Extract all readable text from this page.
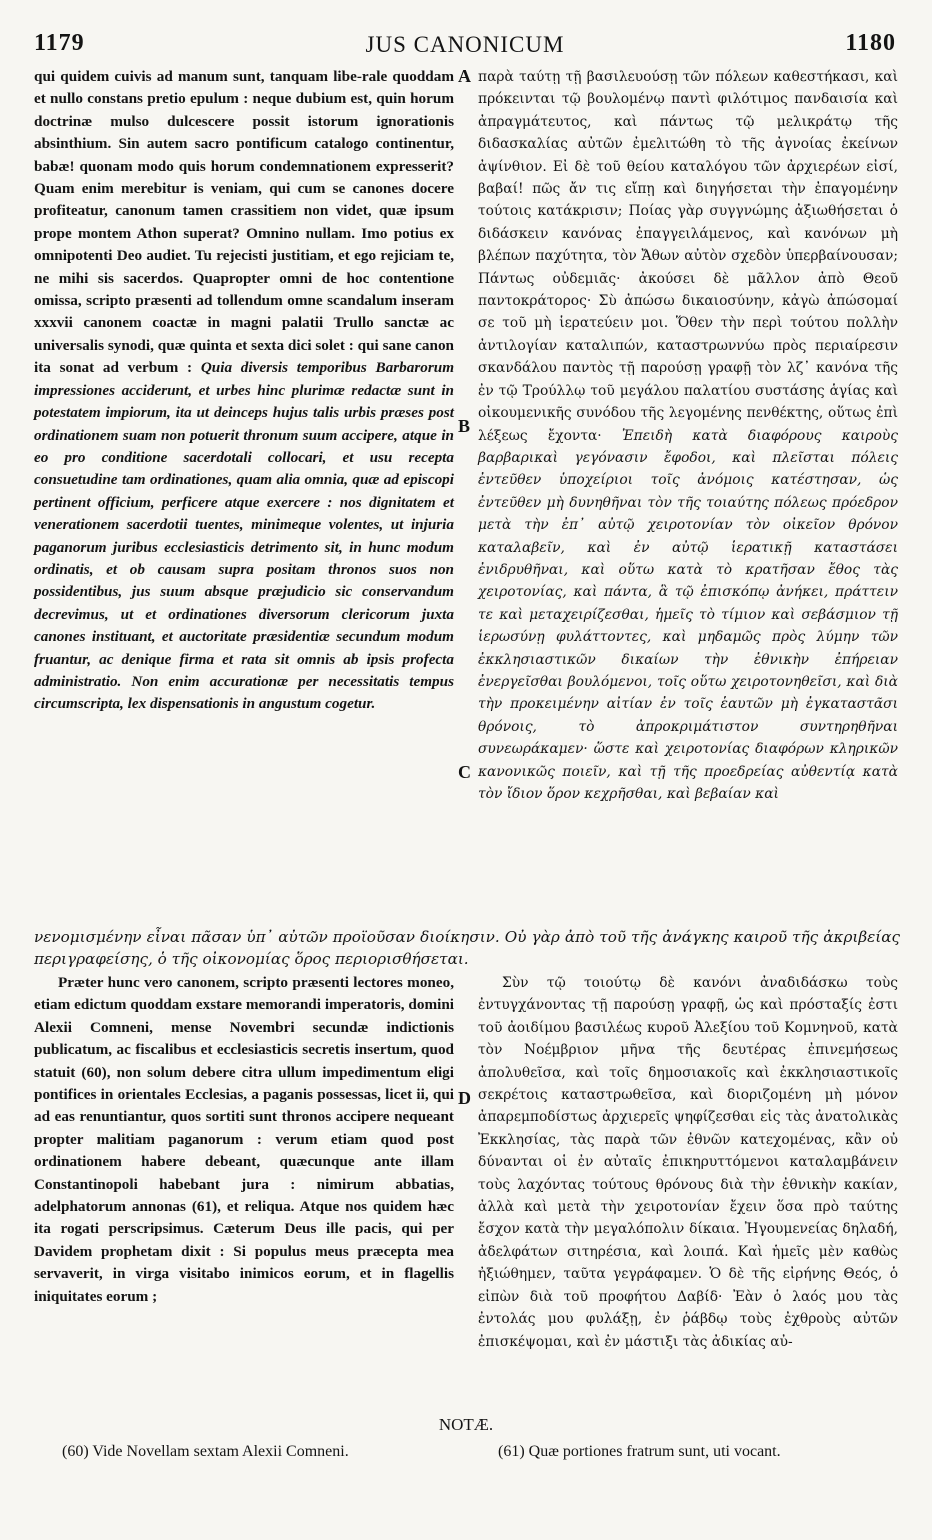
1179	JUS CANONICUM	1180

qui quidem cuivis ad manum sunt, tanquam libe-rale quoddam et nullo constans pretio epulum : neque dubium est, quin horum doctrinæ mulso dulcescere possit istorum ignorationis absinthium. Sin autem sacro pontificum catalogo continentur, babæ! quonam modo quis horum condemnationem expresserit? Quam enim merebitur is veniam, qui cum se canones docere profiteatur, canonum tamen crassitiem non videt, quæ ipsum prope montem Athon superat? Omnino nullam. Imo potius ex omnipotenti Deo audiet. Tu rejecisti justitiam, et ego rejiciam te, ne mihi sis sacerdos. Quapropter omni de hoc contentione omissa, scripto præsenti ad tollendum omne scandalum inseram xxxvii canonem coactæ in magni palatii Trullo sanctæ ac universalis synodi, quæ quinta et sexta dici solet : qui sane canon ita sonat ad verbum : Quia diversis temporibus Barbarorum impressiones acciderunt, et urbes hinc plurimæ redactæ sunt in potestatem impiorum, ita ut deinceps hujus talis urbis præses post ordinationem suam non potuerit thronum suum accipere, atque in eo pro conditione sacerdotali collocari, et usu recepta consuetudine tam ordinationes, quam alia omnia, quæ ad episcopi pertinent officium, perficere atque exercere : nos dignitatem et venerationem sacerdotii tuentes, minimeque volentes, ut injuria paganorum juribus ecclesiasticis detrimento sit, in hunc modum ordinatis, et ob causam supra positam thronos suos non possidentibus, jus suum absque præjudicio sic conservandum decrevimus, ut et ordinationes diversorum clericorum juxta canones instituant, et auctoritate præsidentiæ secundum modum fruantur, ac denique firma et rata sit omnis ab ipsis profecta administratio. Non enim accurationæ per necessitatis tempus circumscripta, lex dispensationis in angustum cogetur.

παρὰ ταύτῃ τῇ βασιλευούσῃ τῶν πόλεων καθεστήκασι, καὶ πρόκεινται τῷ βουλομένῳ παντὶ φιλότιμος πανδαισία καὶ ἀπραγμάτευτος, καὶ πάντως τῷ μελικράτῳ τῆς διδασκαλίας αὐτῶν ἐμελιτώθη τὸ τῆς ἀγνοίας ἐκείνων ἀψίνθιον. Εἰ δὲ τοῦ θείου καταλόγου τῶν ἀρχιερέων εἰσί, βαβαί! πῶς ἄν τις εἴπῃ καὶ διηγήσεται τὴν ἐπαγομένην τούτοις κατάκρισιν; Ποίας γὰρ συγγνώμης ἀξιωθήσεται ὁ διδάσκειν κανόνας ἐπαγγειλάμενος, καὶ κανόνων μὴ βλέπων παχύτητα, τὸν Ἄθων αὐτὸν σχεδὸν ὑπερβαίνουσαν; Πάντως οὐδεμιᾶς· ἀκούσει δὲ μᾶλλον ἀπὸ Θεοῦ παντοκράτορος· Σὺ ἀπώσω δικαιοσύνην, κἀγὼ ἀπώσομαί σε τοῦ μὴ ἱερατεύειν μοι. Ὅθεν τὴν περὶ τούτου πολλὴν ἀντιλογίαν καταλιπών, καταστρωννύω πρὸς περιαίρεσιν σκανδάλου παντὸς τῇ παρούσῃ γραφῇ τὸν λζ᾽ κανόνα τῆς ἐν τῷ Τρούλλῳ τοῦ μεγάλου παλατίου συστάσης ἁγίας καὶ οἰκουμενικῆς συνόδου τῆς λεγομένης πενθέκτης, οὕτως ἐπὶ λέξεως ἔχοντα· Ἐπειδὴ κατὰ διαφόρους καιροὺς βαρβαρικαὶ γεγόνασιν ἔφοδοι, καὶ πλεῖσται πόλεις ἐντεῦθεν ὑποχείριοι τοῖς ἀνόμοις κατέστησαν, ὡς ἐντεῦθεν μὴ δυνηθῆναι τὸν τῆς τοιαύτης πόλεως πρόεδρον μετὰ τὴν ἐπ᾽ αὐτῷ χειροτονίαν τὸν οἰκεῖον θρόνον καταλαβεῖν, καὶ ἐν αὐτῷ ἱερατικῇ καταστάσει ἐνιδρυθῆναι, καὶ οὕτω κατὰ τὸ κρατῆσαν ἔθος τὰς χειροτονίας, καὶ πάντα, ἃ τῷ ἐπισκόπῳ ἀνήκει, πράττειν τε καὶ μεταχειρίζεσθαι, ἡμεῖς τὸ τίμιον καὶ σεβάσμιον τῇ ἱερωσύνῃ φυλάττοντες, καὶ μηδαμῶς πρὸς λύμην τῶν ἐκκλησιαστικῶν δικαίων τὴν ἐθνικὴν ἐπήρειαν ἐνεργεῖσθαι βουλόμενοι, τοῖς οὕτω χειροτονηθεῖσι, καὶ διὰ τὴν προκειμένην αἰτίαν ἐν τοῖς ἑαυτῶν μὴ ἐγκαταστᾶσι θρόνοις, τὸ ἀπροκριμάτιστον συντηρηθῆναι συνεωράκαμεν· ὥστε καὶ χειροτονίας διαφόρων κληρικῶν κανονικῶς ποιεῖν, καὶ τῇ τῆς προεδρείας αὐθεντίᾳ κατὰ τὸν ἴδιον ὅρον κεχρῆσθαι, καὶ βεβαίαν καὶ

νενομισμένην εἶναι πᾶσαν ὑπ᾽ αὐτῶν προϊοῦσαν διοίκησιν. Οὐ γὰρ ἀπὸ τοῦ τῆς ἀνάγκης καιροῦ τῆς ἀκριβείας περιγραφείσης, ὁ τῆς οἰκονομίας ὅρος περιορισθήσεται.

Præter hunc vero canonem, scripto præsenti lectores moneo, etiam edictum quoddam exstare memorandi imperatoris, domini Alexii Comneni, mense Novembri secundæ indictionis publicatum, ac fiscalibus et ecclesiasticis secretis insertum, quod statuit (60), non solum debere citra ullum impedimentum eligi pontifices in orientales Ecclesias, a paganis possessas, licet ii, qui ad eas renuntiantur, quos sortiti sunt thronos accipere nequeant propter malitiam paganorum : verum etiam quod post ordinationem habere debeant, quæcunque ante illam Constantinopoli habebant jura : nimirum abbatias, adelphatorum annonas (61), et reliqua. Atque nos quidem hæc ita rogati perscripsimus. Cæterum Deus ille pacis, qui per Davidem prophetam dixit : Si populus meus præcepta mea servaverit, in virga visitabo inimicos eorum, et in flagellis iniquitates eorum ;

Σὺν τῷ τοιούτῳ δὲ κανόνι ἀναδιδάσκω τοὺς ἐντυγχάνοντας τῇ παρούσῃ γραφῇ, ὡς καὶ πρόσταξίς ἐστι τοῦ ἀοιδίμου βασιλέως κυροῦ Ἀλεξίου τοῦ Κομνηνοῦ, κατὰ τὸν Νοέμβριον μῆνα τῆς δευτέρας ἐπινεμήσεως ἀπολυθεῖσα, καὶ τοῖς δημοσιακοῖς καὶ ἐκκλησιαστικοῖς σεκρέτοις καταστρωθεῖσα, καὶ διοριζομένη μὴ μόνον ἀπαρεμποδίστως ἀρχιερεῖς ψηφίζεσθαι εἰς τὰς ἀνατολικὰς Ἐκκλησίας, τὰς παρὰ τῶν ἐθνῶν κατεχομένας, κἂν οὐ δύνανται οἱ ἐν αὐταῖς ἐπικηρυττόμενοι καταλαμβάνειν τοὺς λαχόντας τούτους θρόνους διὰ τὴν ἐθνικὴν κακίαν, ἀλλὰ καὶ μετὰ τὴν χειροτονίαν ἔχειν ὅσα πρὸ ταύτης ἔσχον κατὰ τὴν μεγαλόπολιν δίκαια. Ἠγουμενείας δηλαδή, ἀδελφάτων σιτηρέσια, καὶ λοιπά. Καὶ ἡμεῖς μὲν καθὼς ἠξιώθημεν, ταῦτα γεγράφαμεν. Ὁ δὲ τῆς εἰρήνης Θεός, ὁ εἰπὼν διὰ τοῦ προφήτου Δαβίδ· Ἐὰν ὁ λαός μου τὰς ἐντολάς μου φυλάξῃ, ἐν ῥάβδῳ τοὺς ἐχθροὺς αὐτῶν ἐπισκέψομαι, καὶ ἐν μάστιξι τὰς ἀδικίας αὐ-

A
B
C
D
NOTÆ.
(60) Vide Novellam sextam Alexii Comneni.	(61) Quæ portiones fratrum sunt, uti vocant.
